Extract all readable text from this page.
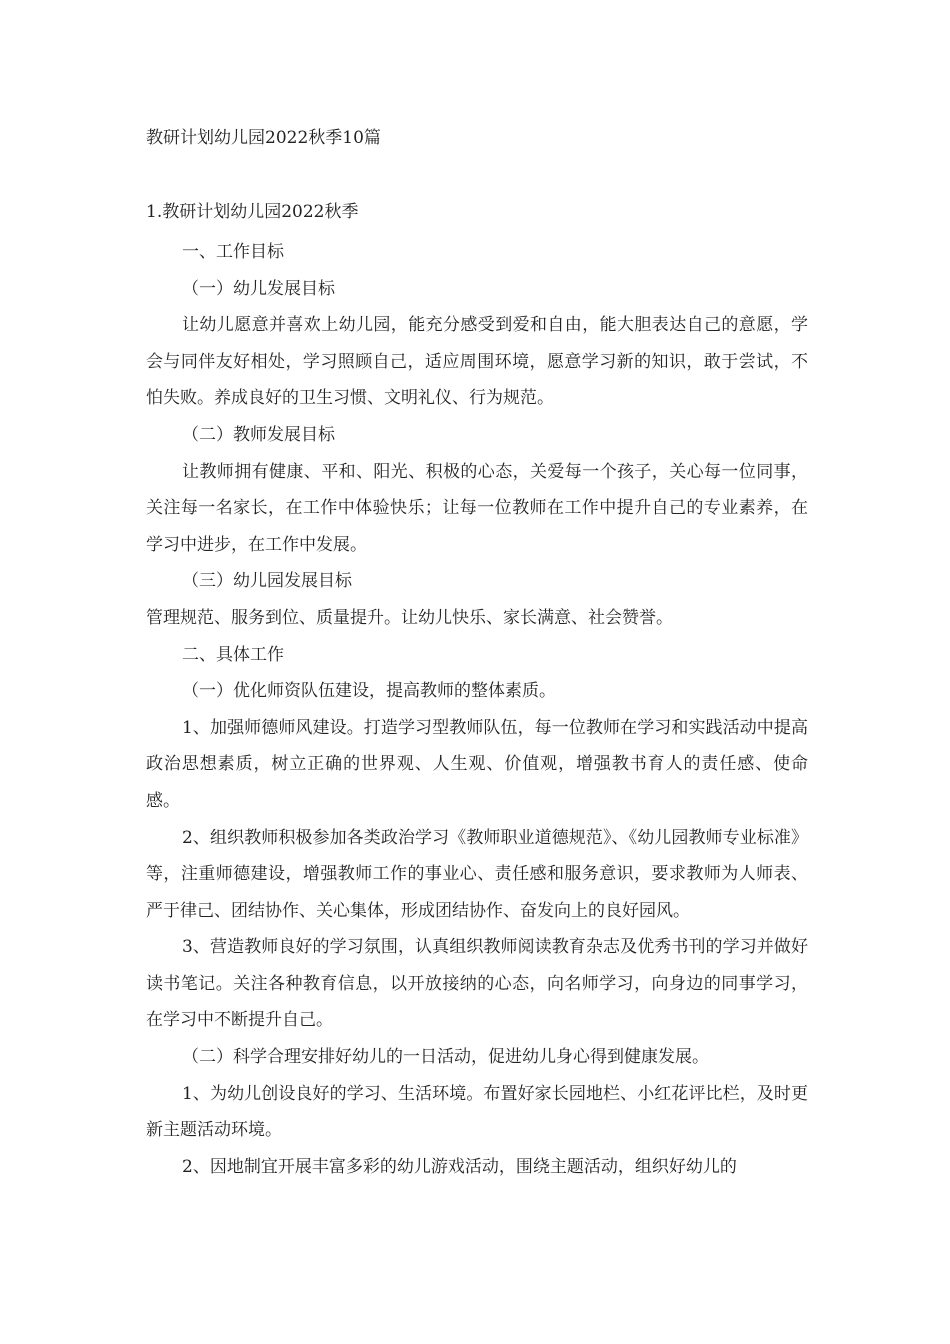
教研计划幼儿园2022秋季10篇
1.教研计划幼儿园2022秋季

一、工作目标

（一）幼儿发展目标

让幼儿愿意并喜欢上幼儿园，能充分感受到爱和自由，能大胆表达自己的意愿，学会与同伴友好相处，学习照顾自己，适应周围环境，愿意学习新的知识，敢于尝试，不怕失败。养成良好的卫生习惯、文明礼仪、行为规范。

（二）教师发展目标

让教师拥有健康、平和、阳光、积极的心态，关爱每一个孩子，关心每一位同事，关注每一名家长，在工作中体验快乐；让每一位教师在工作中提升自己的专业素养，在学习中进步，在工作中发展。

（三）幼儿园发展目标

管理规范、服务到位、质量提升。让幼儿快乐、家长满意、社会赞誉。

二、具体工作

（一）优化师资队伍建设，提高教师的整体素质。

1、加强师德师风建设。打造学习型教师队伍，每一位教师在学习和实践活动中提高政治思想素质，树立正确的世界观、人生观、价值观，增强教书育人的责任感、使命感。

2、组织教师积极参加各类政治学习《教师职业道德规范》、《幼儿园教师专业标准》等，注重师德建设，增强教师工作的事业心、责任感和服务意识，要求教师为人师表、严于律己、团结协作、关心集体，形成团结协作、奋发向上的良好园风。

3、营造教师良好的学习氛围，认真组织教师阅读教育杂志及优秀书刊的学习并做好读书笔记。关注各种教育信息，以开放接纳的心态，向名师学习，向身边的同事学习，在学习中不断提升自己。

（二）科学合理安排好幼儿的一日活动，促进幼儿身心得到健康发展。

1、为幼儿创设良好的学习、生活环境。布置好家长园地栏、小红花评比栏，及时更新主题活动环境。

2、因地制宜开展丰富多彩的幼儿游戏活动，围绕主题活动，组织好幼儿的
